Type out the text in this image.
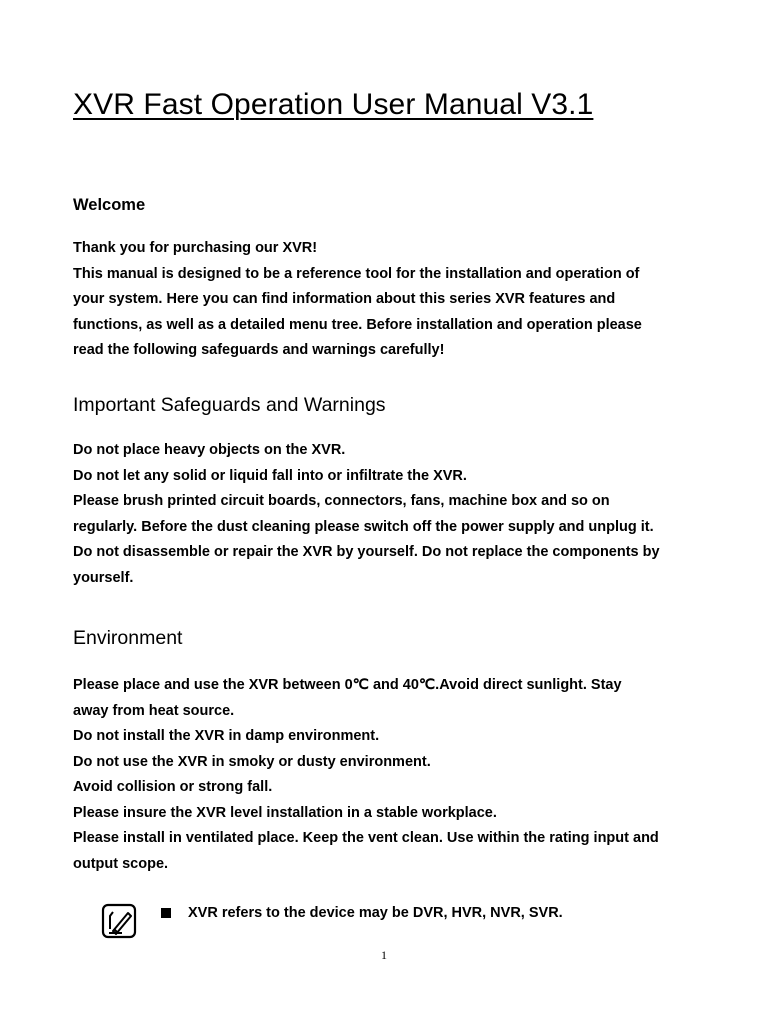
XVR Fast Operation User Manual V3.1
Welcome
Thank you for purchasing our XVR!
This manual is designed to be a reference tool for the installation and operation of
your system. Here you can find information about this series XVR features and
functions, as well as a detailed menu tree. Before installation and operation please
read the following safeguards and warnings carefully!
Important Safeguards and Warnings
Do not place heavy objects on the XVR.
Do not let any solid or liquid fall into or infiltrate the XVR.
Please brush printed circuit boards, connectors, fans, machine box and so on
regularly. Before the dust cleaning please switch off the power supply and unplug it.
Do not disassemble or repair the XVR by yourself. Do not replace the components by
yourself.
Environment
Please place and use the XVR between 0℃ and 40℃.Avoid direct sunlight. Stay
away from heat source.
Do not install the XVR in damp environment.
Do not use the XVR in smoky or dusty environment.
Avoid collision or strong fall.
Please insure the XVR level installation in a stable workplace.
Please install in ventilated place. Keep the vent clean. Use within the rating input and
output scope.
XVR refers to the device may be DVR, HVR, NVR, SVR.
1
